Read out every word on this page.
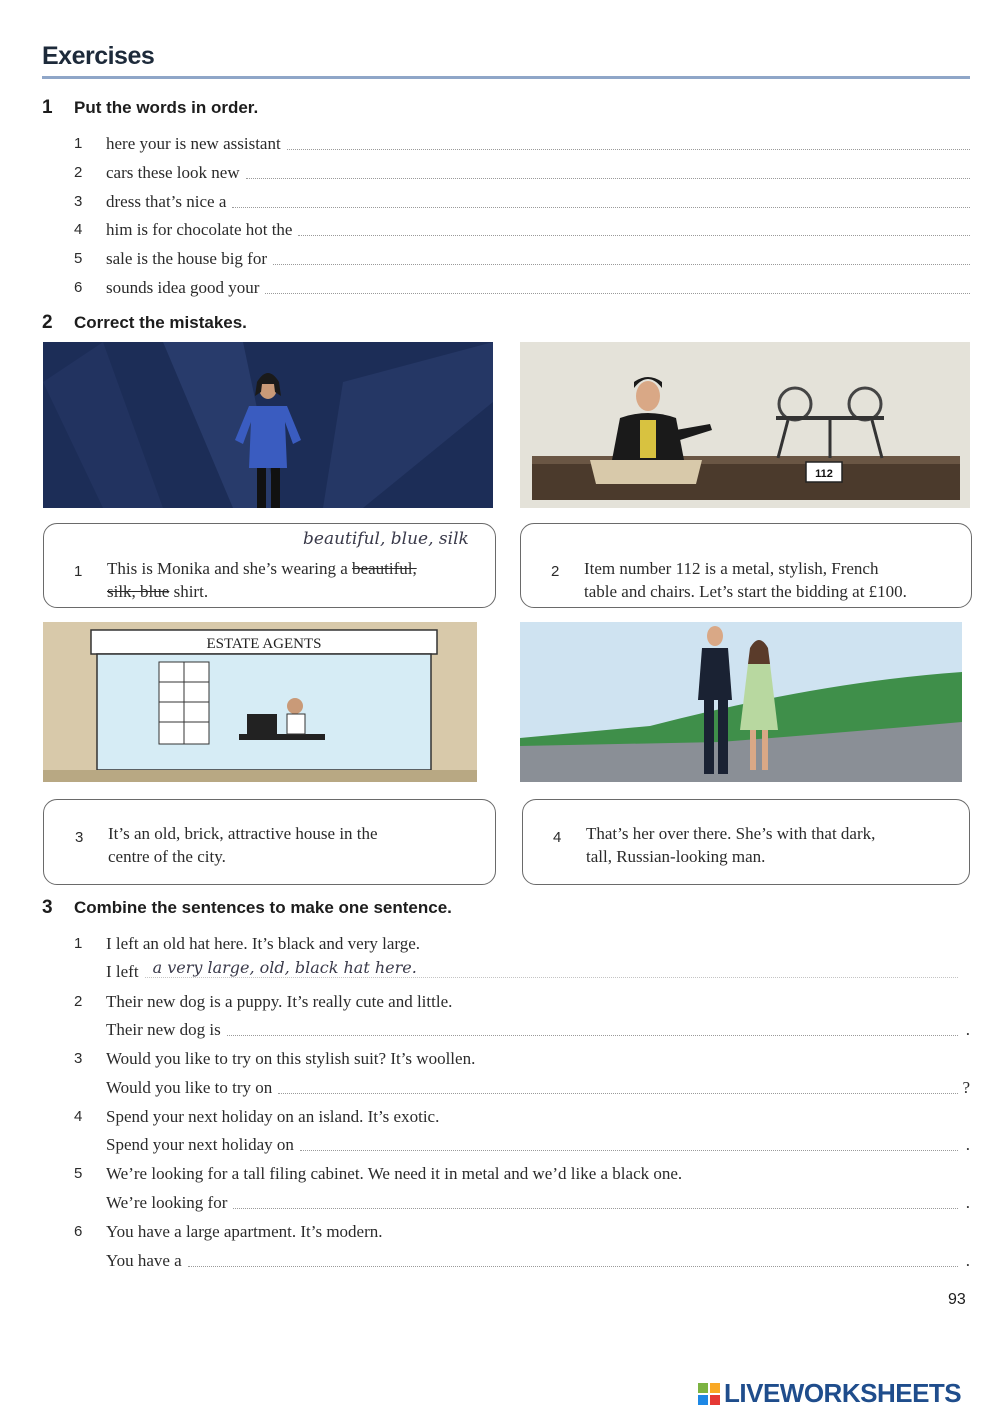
Exercises
1 Put the words in order.
1	here your is new assistant
2	cars these look new
3	dress that’s nice a
4	him is for chocolate hot the
5	sale is the house big for
6	sounds idea good your
2 Correct the mistakes.
112
beautiful, blue, silk
1 This is Monika and she’s wearing a beautiful,
silk, blue shirt.
2 Item number 112 is a metal, stylish, French
table and chairs. Let’s start the bidding at £100.
ESTATE AGENTS
3 It’s an old, brick, attractive house in the
centre of the city.
4 That’s her over there. She’s with that dark,
tall, Russian-looking man.
3 Combine the sentences to make one sentence.
1	I left an old hat here. It’s black and very large.
I left a very large, old, black hat here.
2	Their new dog is a puppy. It’s really cute and little.
Their new dog is	.
3	Would you like to try on this stylish suit? It’s woollen.
Would you like to try on	?
4	Spend your next holiday on an island. It’s exotic.
Spend your next holiday on	.
5	We’re looking for a tall filing cabinet. We need it in metal and we’d like a black one.
We’re looking for	.
6	You have a large apartment. It’s modern.
You have a	.
93
LIVEWORKSHEETS
